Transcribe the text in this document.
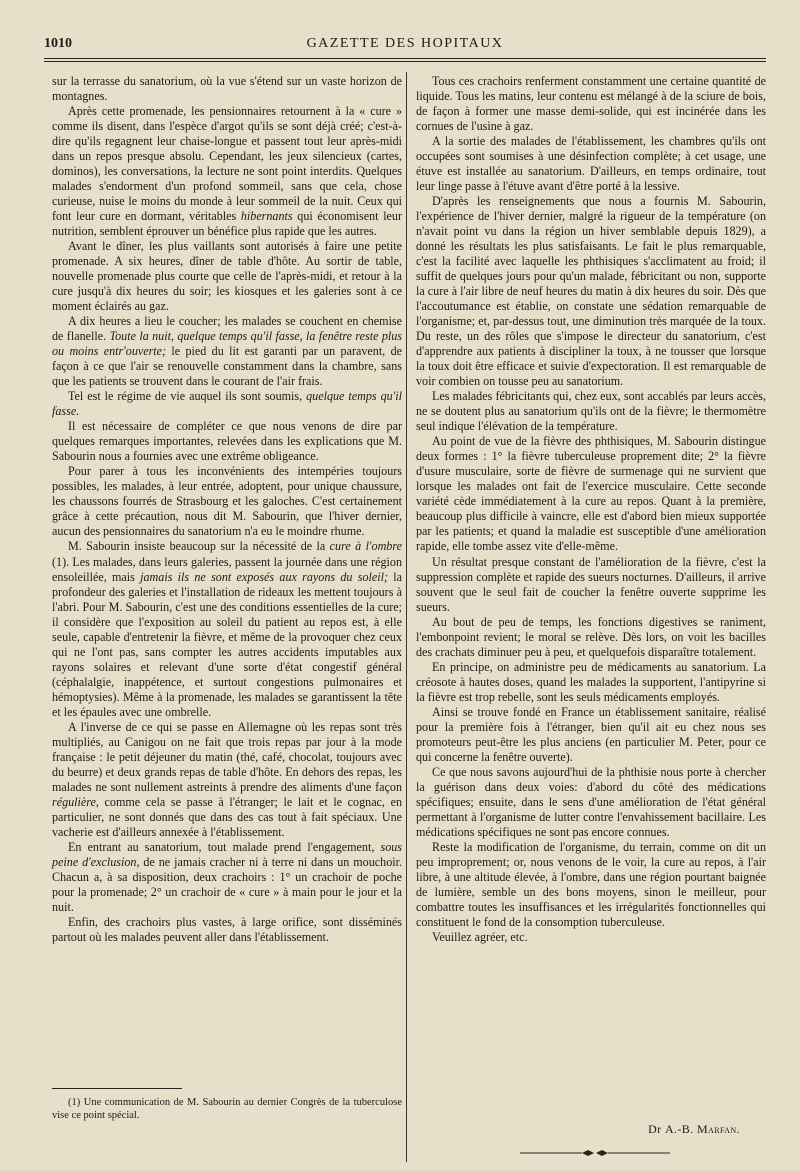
1010	GAZETTE DES HOPITAUX

sur la terrasse du sanatorium, où la vue s'étend sur un vaste horizon de montagnes.

Après cette promenade, les pensionnaires retournent à la « cure » comme ils disent, dans l'espèce d'argot qu'ils se sont déjà créé; c'est-à-dire qu'ils regagnent leur chaise-longue et passent tout leur après-midi dans un repos presque absolu. Cependant, les jeux silencieux (cartes, dominos), les conversations, la lecture ne sont point interdits. Quelques malades s'endorment d'un profond sommeil, sans que cela, chose curieuse, nuise le moins du monde à leur sommeil de la nuit. Ceux qui font leur cure en dormant, véritables hibernants qui économisent leur nutrition, semblent éprouver un bénéfice plus rapide que les autres.

Avant le dîner, les plus vaillants sont autorisés à faire une petite promenade. A six heures, dîner de table d'hôte. Au sortir de table, nouvelle promenade plus courte que celle de l'après-midi, et retour à la cure jusqu'à dix heures du soir; les kiosques et les galeries sont à ce moment éclairés au gaz.

A dix heures a lieu le coucher; les malades se couchent en chemise de flanelle. Toute la nuit, quelque temps qu'il fasse, la fenêtre reste plus ou moins entr'ouverte; le pied du lit est garanti par un paravent, de façon à ce que l'air se renouvelle constamment dans la chambre, sans que les patients se trouvent dans le courant de l'air frais.

Tel est le régime de vie auquel ils sont soumis, quelque temps qu'il fasse.

Il est nécessaire de compléter ce que nous venons de dire par quelques remarques importantes, relevées dans les explications que M. Sabourin nous a fournies avec une extrême obligeance.

Pour parer à tous les inconvénients des intempéries toujours possibles, les malades, à leur entrée, adoptent, pour unique chaussure, les chaussons fourrés de Strasbourg et les galoches. C'est certainement grâce à cette précaution, nous dit M. Sabourin, que l'hiver dernier, aucun des pensionnaires du sanatorium n'a eu le moindre rhume.

M. Sabourin insiste beaucoup sur la nécessité de la cure à l'ombre (1). Les malades, dans leurs galeries, passent la journée dans une région ensoleillée, mais jamais ils ne sont exposés aux rayons du soleil; la profondeur des galeries et l'installation de rideaux les mettent toujours à l'abri. Pour M. Sabourin, c'est une des conditions essentielles de la cure; il considère que l'exposition au soleil du patient au repos est, à elle seule, capable d'entretenir la fièvre, et même de la provoquer chez ceux qui ne l'ont pas, sans compter les autres accidents imputables aux rayons solaires et relevant d'une sorte d'état congestif général (céphalalgie, inappétence, et surtout congestions pulmonaires et hémoptysies). Même à la promenade, les malades se garantissent la tête et les épaules avec une ombrelle.

A l'inverse de ce qui se passe en Allemagne où les repas sont très multipliés, au Canigou on ne fait que trois repas par jour à la mode française : le petit déjeuner du matin (thé, café, chocolat, toujours avec du beurre) et deux grands repas de table d'hôte. En dehors des repas, les malades ne sont nullement astreints à prendre des aliments d'une façon régulière, comme cela se passe à l'étranger; le lait et le cognac, en particulier, ne sont donnés que dans des cas tout à fait spéciaux. Une vacherie est d'ailleurs annexée à l'établissement.

En entrant au sanatorium, tout malade prend l'engagement, sous peine d'exclusion, de ne jamais cracher ni à terre ni dans un mouchoir. Chacun a, à sa disposition, deux crachoirs : 1° un crachoir de poche pour la promenade; 2° un crachoir de « cure » à main pour le jour et la nuit.

Enfin, des crachoirs plus vastes, à large orifice, sont disséminés partout où les malades peuvent aller dans l'établissement.

(1) Une communication de M. Sabourin au dernier Congrès de la tuberculose vise ce point spécial.

Tous ces crachoirs renferment constamment une certaine quantité de liquide. Tous les matins, leur contenu est mélangé à de la sciure de bois, de façon à former une masse demi-solide, qui est incinérée dans les cornues de l'usine à gaz.

A la sortie des malades de l'établissement, les chambres qu'ils ont occupées sont soumises à une désinfection complète; à cet usage, une étuve est installée au sanatorium. D'ailleurs, en temps ordinaire, tout leur linge passe à l'étuve avant d'être porté à la lessive.

D'après les renseignements que nous a fournis M. Sabourin, l'expérience de l'hiver dernier, malgré la rigueur de la température (on n'avait point vu dans la région un hiver semblable depuis 1829), a donné les résultats les plus satisfaisants. Le fait le plus remarquable, c'est la facilité avec laquelle les phthisiques s'acclimatent au froid; il suffit de quelques jours pour qu'un malade, fébricitant ou non, supporte la cure à l'air libre de neuf heures du matin à dix heures du soir. Dès que l'accoutumance est établie, on constate une sédation remarquable de l'organisme; et, par-dessus tout, une diminution très marquée de la toux. Du reste, un des rôles que s'impose le directeur du sanatorium, c'est d'apprendre aux patients à discipliner la toux, à ne tousser que lorsque la toux doit être efficace et suivie d'expectoration. Il est remarquable de voir combien on tousse peu au sanatorium.

Les malades fébricitants qui, chez eux, sont accablés par leurs accès, ne se doutent plus au sanatorium qu'ils ont de la fièvre; le thermomètre seul indique l'élévation de la température.

Au point de vue de la fièvre des phthisiques, M. Sabourin distingue deux formes : 1° la fièvre tuberculeuse proprement dite; 2° la fièvre d'usure musculaire, sorte de fièvre de surmenage qui ne survient que lorsque les malades ont fait de l'exercice musculaire. Cette seconde variété cède immédiatement à la cure au repos. Quant à la première, beaucoup plus difficile à vaincre, elle est d'abord bien mieux supportée par les patients; et quand la maladie est susceptible d'une amélioration rapide, elle tombe assez vite d'elle-même.

Un résultat presque constant de l'amélioration de la fièvre, c'est la suppression complète et rapide des sueurs nocturnes. D'ailleurs, il arrive souvent que le seul fait de coucher la fenêtre ouverte supprime les sueurs.

Au bout de peu de temps, les fonctions digestives se raniment, l'embonpoint revient; le moral se relève. Dès lors, on voit les bacilles des crachats diminuer peu à peu, et quelquefois disparaître totalement.

En principe, on administre peu de médicaments au sanatorium. La créosote à hautes doses, quand les malades la supportent, l'antipyrine si la fièvre est trop rebelle, sont les seuls médicaments employés.

Ainsi se trouve fondé en France un établissement sanitaire, réalisé pour la première fois à l'étranger, bien qu'il ait eu chez nous ses promoteurs peut-être les plus anciens (en particulier M. Peter, pour ce qui concerne la fenêtre ouverte).

Ce que nous savons aujourd'hui de la phthisie nous porte à chercher la guérison dans deux voies: d'abord du côté des médications spécifiques; ensuite, dans le sens d'une amélioration de l'état général permettant à l'organisme de lutter contre l'envahissement bacillaire. Les médications spécifiques ne sont pas encore connues.

Reste la modification de l'organisme, du terrain, comme on dit un peu improprement; or, nous venons de le voir, la cure au repos, à l'air libre, à une altitude élevée, à l'ombre, dans une région pourtant baignée de lumière, semble un des bons moyens, sinon le meilleur, pour combattre toutes les insuffisances et les irrégularités fonctionnelles qui constituent le fond de la consomption tuberculeuse.

Veuillez agréer, etc.

Dr A.-B. Marfan.
